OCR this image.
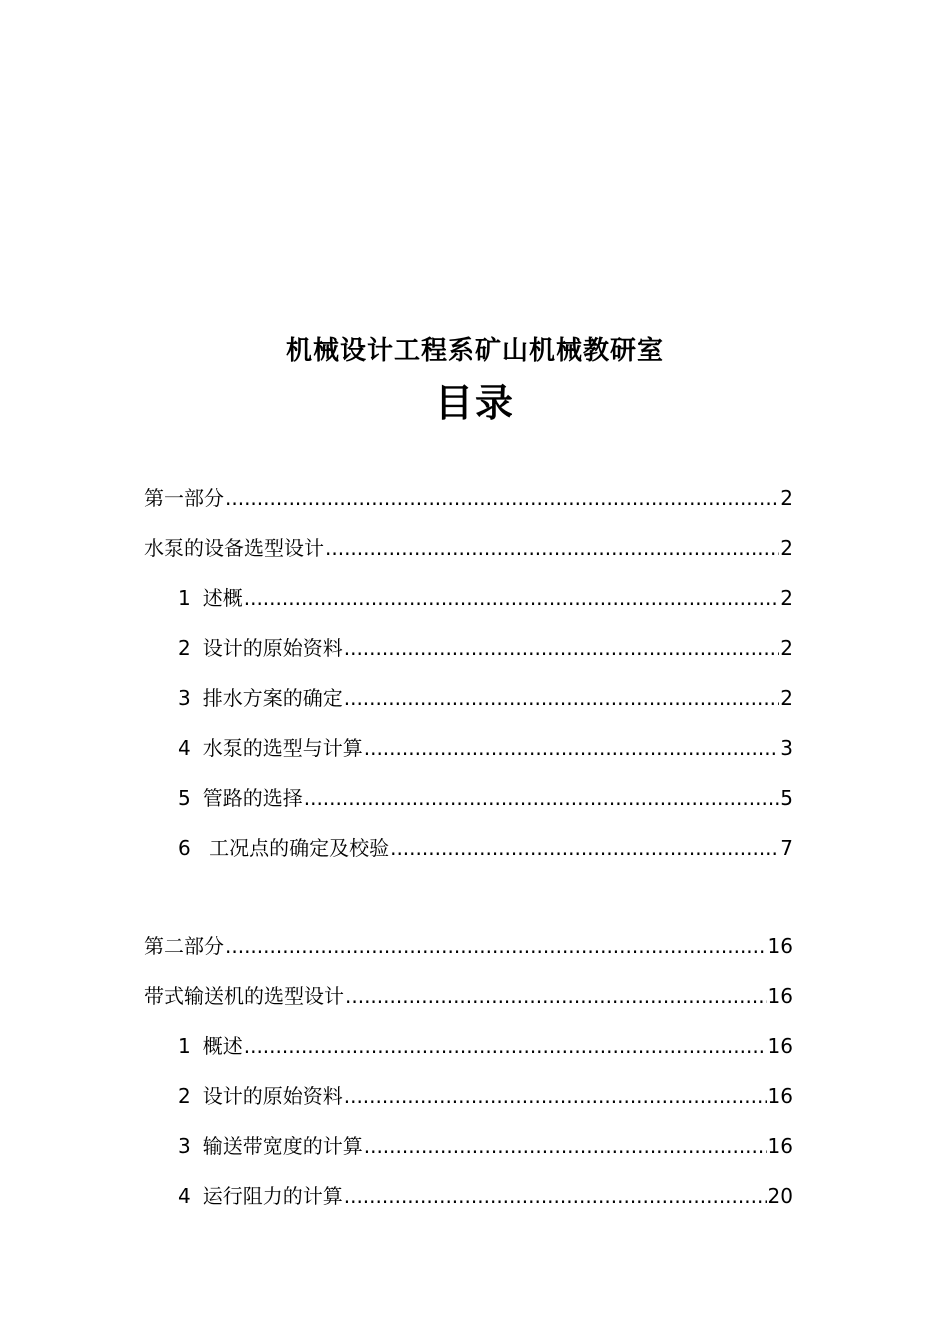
机械设计工程系矿山机械教研室
目录
第一部分 .....	2
水泵的设备选型设计 .....	2
1 述概 .....	2
2 设计的原始资料 .....	2
3 排水方案的确定 .....	2
4 水泵的选型与计算 .....	3
5 管路的选择 .....	5
6 工况点的确定及校验 .....	7
第二部分 .....	16
带式输送机的选型设计 .....	16
1 概述 .....	16
2 设计的原始资料 .....	16
3 输送带宽度的计算 .....	16
4 运行阻力的计算 .....	20
